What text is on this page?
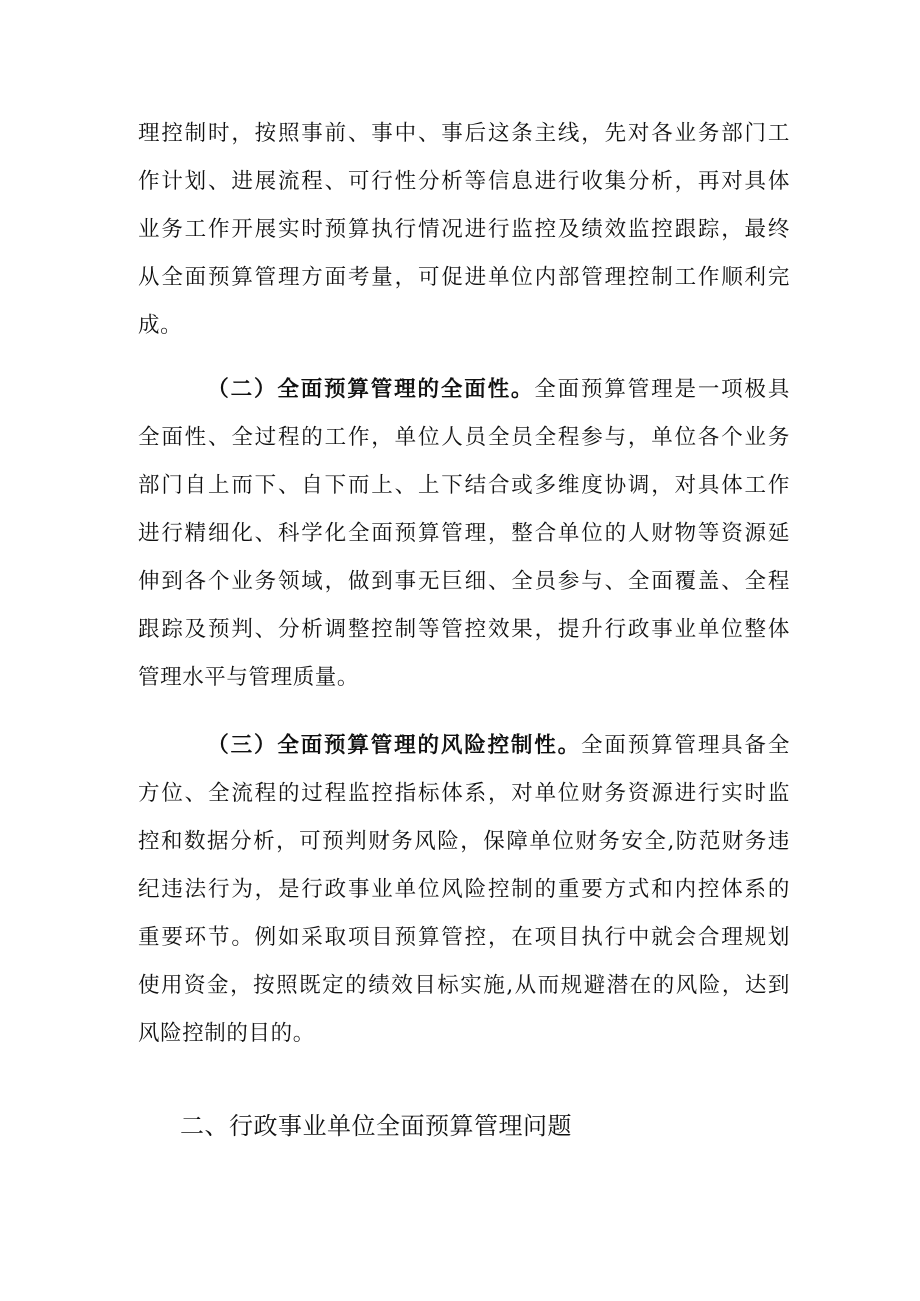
理控制时，按照事前、事中、事后这条主线，先对各业务部门工
作计划、进展流程、可行性分析等信息进行收集分析，再对具体
业务工作开展实时预算执行情况进行监控及绩效监控跟踪，最终
从全面预算管理方面考量，可促进单位内部管理控制工作顺利完
成。
（二）全面预算管理的全面性。全面预算管理是一项极具
全面性、全过程的工作，单位人员全员全程参与，单位各个业务
部门自上而下、自下而上、上下结合或多维度协调，对具体工作
进行精细化、科学化全面预算管理，整合单位的人财物等资源延
伸到各个业务领域，做到事无巨细、全员参与、全面覆盖、全程
跟踪及预判、分析调整控制等管控效果，提升行政事业单位整体
管理水平与管理质量。
（三）全面预算管理的风险控制性。全面预算管理具备全
方位、全流程的过程监控指标体系，对单位财务资源进行实时监
控和数据分析，可预判财务风险，保障单位财务安全,防范财务违
纪违法行为，是行政事业单位风险控制的重要方式和内控体系的
重要环节。例如采取项目预算管控，在项目执行中就会合理规划
使用资金，按照既定的绩效目标实施,从而规避潜在的风险，达到
风险控制的目的。
二、行政事业单位全面预算管理问题
